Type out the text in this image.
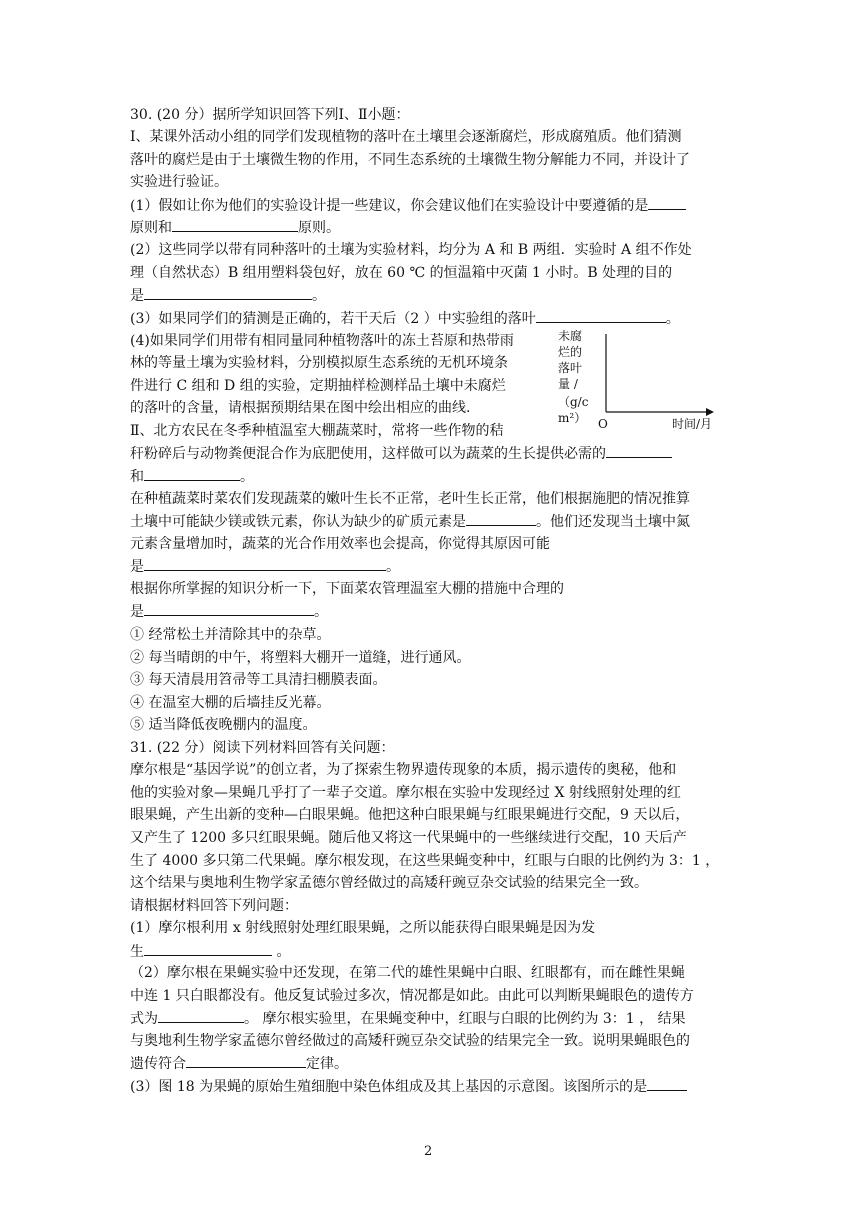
30. (20 分）据所学知识回答下列Ⅰ、Ⅱ小题：
Ⅰ、某课外活动小组的同学们发现植物的落叶在土壤里会逐渐腐烂，形成腐殖质。他们猜测
落叶的腐烂是由于土壤微生物的作用，不同生态系统的土壤微生物分解能力不同，并设计了
实验进行验证。
(1）假如让你为他们的实验设计提一些建议，你会建议他们在实验设计中要遵循的是
原则和	原则。
(2）这些同学以带有同种落叶的土壤为实验材料，均分为 A 和 B 两组．实验时 A 组不作处
理（自然状态）B 组用塑料袋包好，放在 60 ℃ 的恒温箱中灭菌 1 小时。B 处理的目的
是	。
(3）如果同学们的猜测是正确的，若干天后（2 ）中实验组的落叶	。
(4)如果同学们用带有相同量同种植物落叶的冻土苔原和热带雨
林的等量土壤为实验材料，分别模拟原生态系统的无机环境条
件进行 C 组和 D 组的实验，定期抽样检测样品土壤中未腐烂
的落叶的含量，请根据预期结果在图中绘出相应的曲线.
未腐
烂的
落叶
量 /
（g/c
m²） O	时间/月
Ⅱ、北方农民在冬季种植温室大棚蔬菜时，常将一些作物的秸
秆粉碎后与动物粪便混合作为底肥使用，这样做可以为蔬菜的生长提供必需的
和	。
在种植蔬菜时菜农们发现蔬菜的嫩叶生长不正常，老叶生长正常，他们根据施肥的情况推算
土壤中可能缺少镁或铁元素，你认为缺少的矿质元素是	。他们还发现当土壤中氮
元素含量增加时，蔬菜的光合作用效率也会提高，你觉得其原因可能
是	。
根据你所掌握的知识分析一下，下面菜农管理温室大棚的措施中合理的
是	。
① 经常松土并清除其中的杂草。
② 每当晴朗的中午，将塑料大棚开一道缝，进行通风。
③ 每天清晨用笤帚等工具清扫棚膜表面。
④ 在温室大棚的后墙挂反光幕。
⑤ 适当降低夜晚棚内的温度。
31. (22 分）阅读下列材料回答有关问题：
摩尔根是“基因学说”的创立者，为了探索生物界遗传现象的本质，揭示遗传的奥秘，他和
他的实验对象—果蝇几乎打了一辈子交道。摩尔根在实验中发现经过 X 射线照射处理的红
眼果蝇，产生出新的变种—白眼果蝇。他把这种白眼果蝇与红眼果蝇进行交配，9 天以后，
又产生了 1200 多只红眼果蝇。随后他又将这一代果蝇中的一些继续进行交配，10 天后产
生了 4000 多只第二代果蝇。摩尔根发现，在这些果蝇变种中，红眼与白眼的比例约为 3：1 ，
这个结果与奥地利生物学家孟德尔曾经做过的高矮秆豌豆杂交试验的结果完全一致。
请根据材料回答下列问题：
(1）摩尔根利用 x 射线照射处理红眼果蝇，之所以能获得白眼果蝇是因为发
生	。
（2）摩尔根在果蝇实验中还发现，在第二代的雄性果蝇中白眼、红眼都有，而在雌性果蝇
中连 1 只白眼都没有。他反复试验过多次，情况都是如此。由此可以判断果蝇眼色的遗传方
式为	。 摩尔根实验里，在果蝇变种中，红眼与白眼的比例约为 3：1 ， 结果
与奥地利生物学家孟德尔曾经做过的高矮秆豌豆杂交试验的结果完全一致。说明果蝇眼色的
遗传符合	定律。
(3）图 18 为果蝇的原始生殖细胞中染色体组成及其上基因的示意图。该图所示的是
2
